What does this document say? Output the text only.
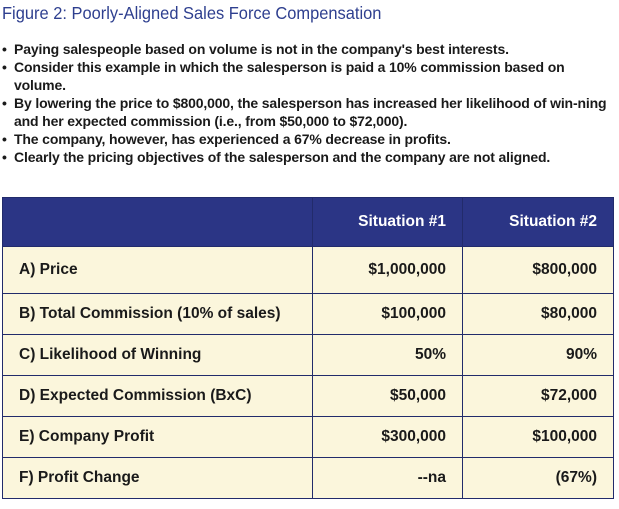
Figure 2: Poorly-Aligned Sales Force Compensation
• Paying salespeople based on volume is not in the company's best interests.
• Consider this example in which the salesperson is paid a 10% commission based on volume.
• By lowering the price to $800,000, the salesperson has increased her likelihood of win-ning and her expected commission (i.e., from $50,000 to $72,000).
• The company, however, has experienced a 67% decrease in profits.
• Clearly the pricing objectives of the salesperson and the company are not aligned.
	Situation #1	Situation #2
A) Price	$1,000,000	$800,000
B) Total Commission (10% of sales)	$100,000	$80,000
C) Likelihood of Winning	50%	90%
D) Expected Commission (BxC)	$50,000	$72,000
E) Company Profit	$300,000	$100,000
F) Profit Change	--na	(67%)
